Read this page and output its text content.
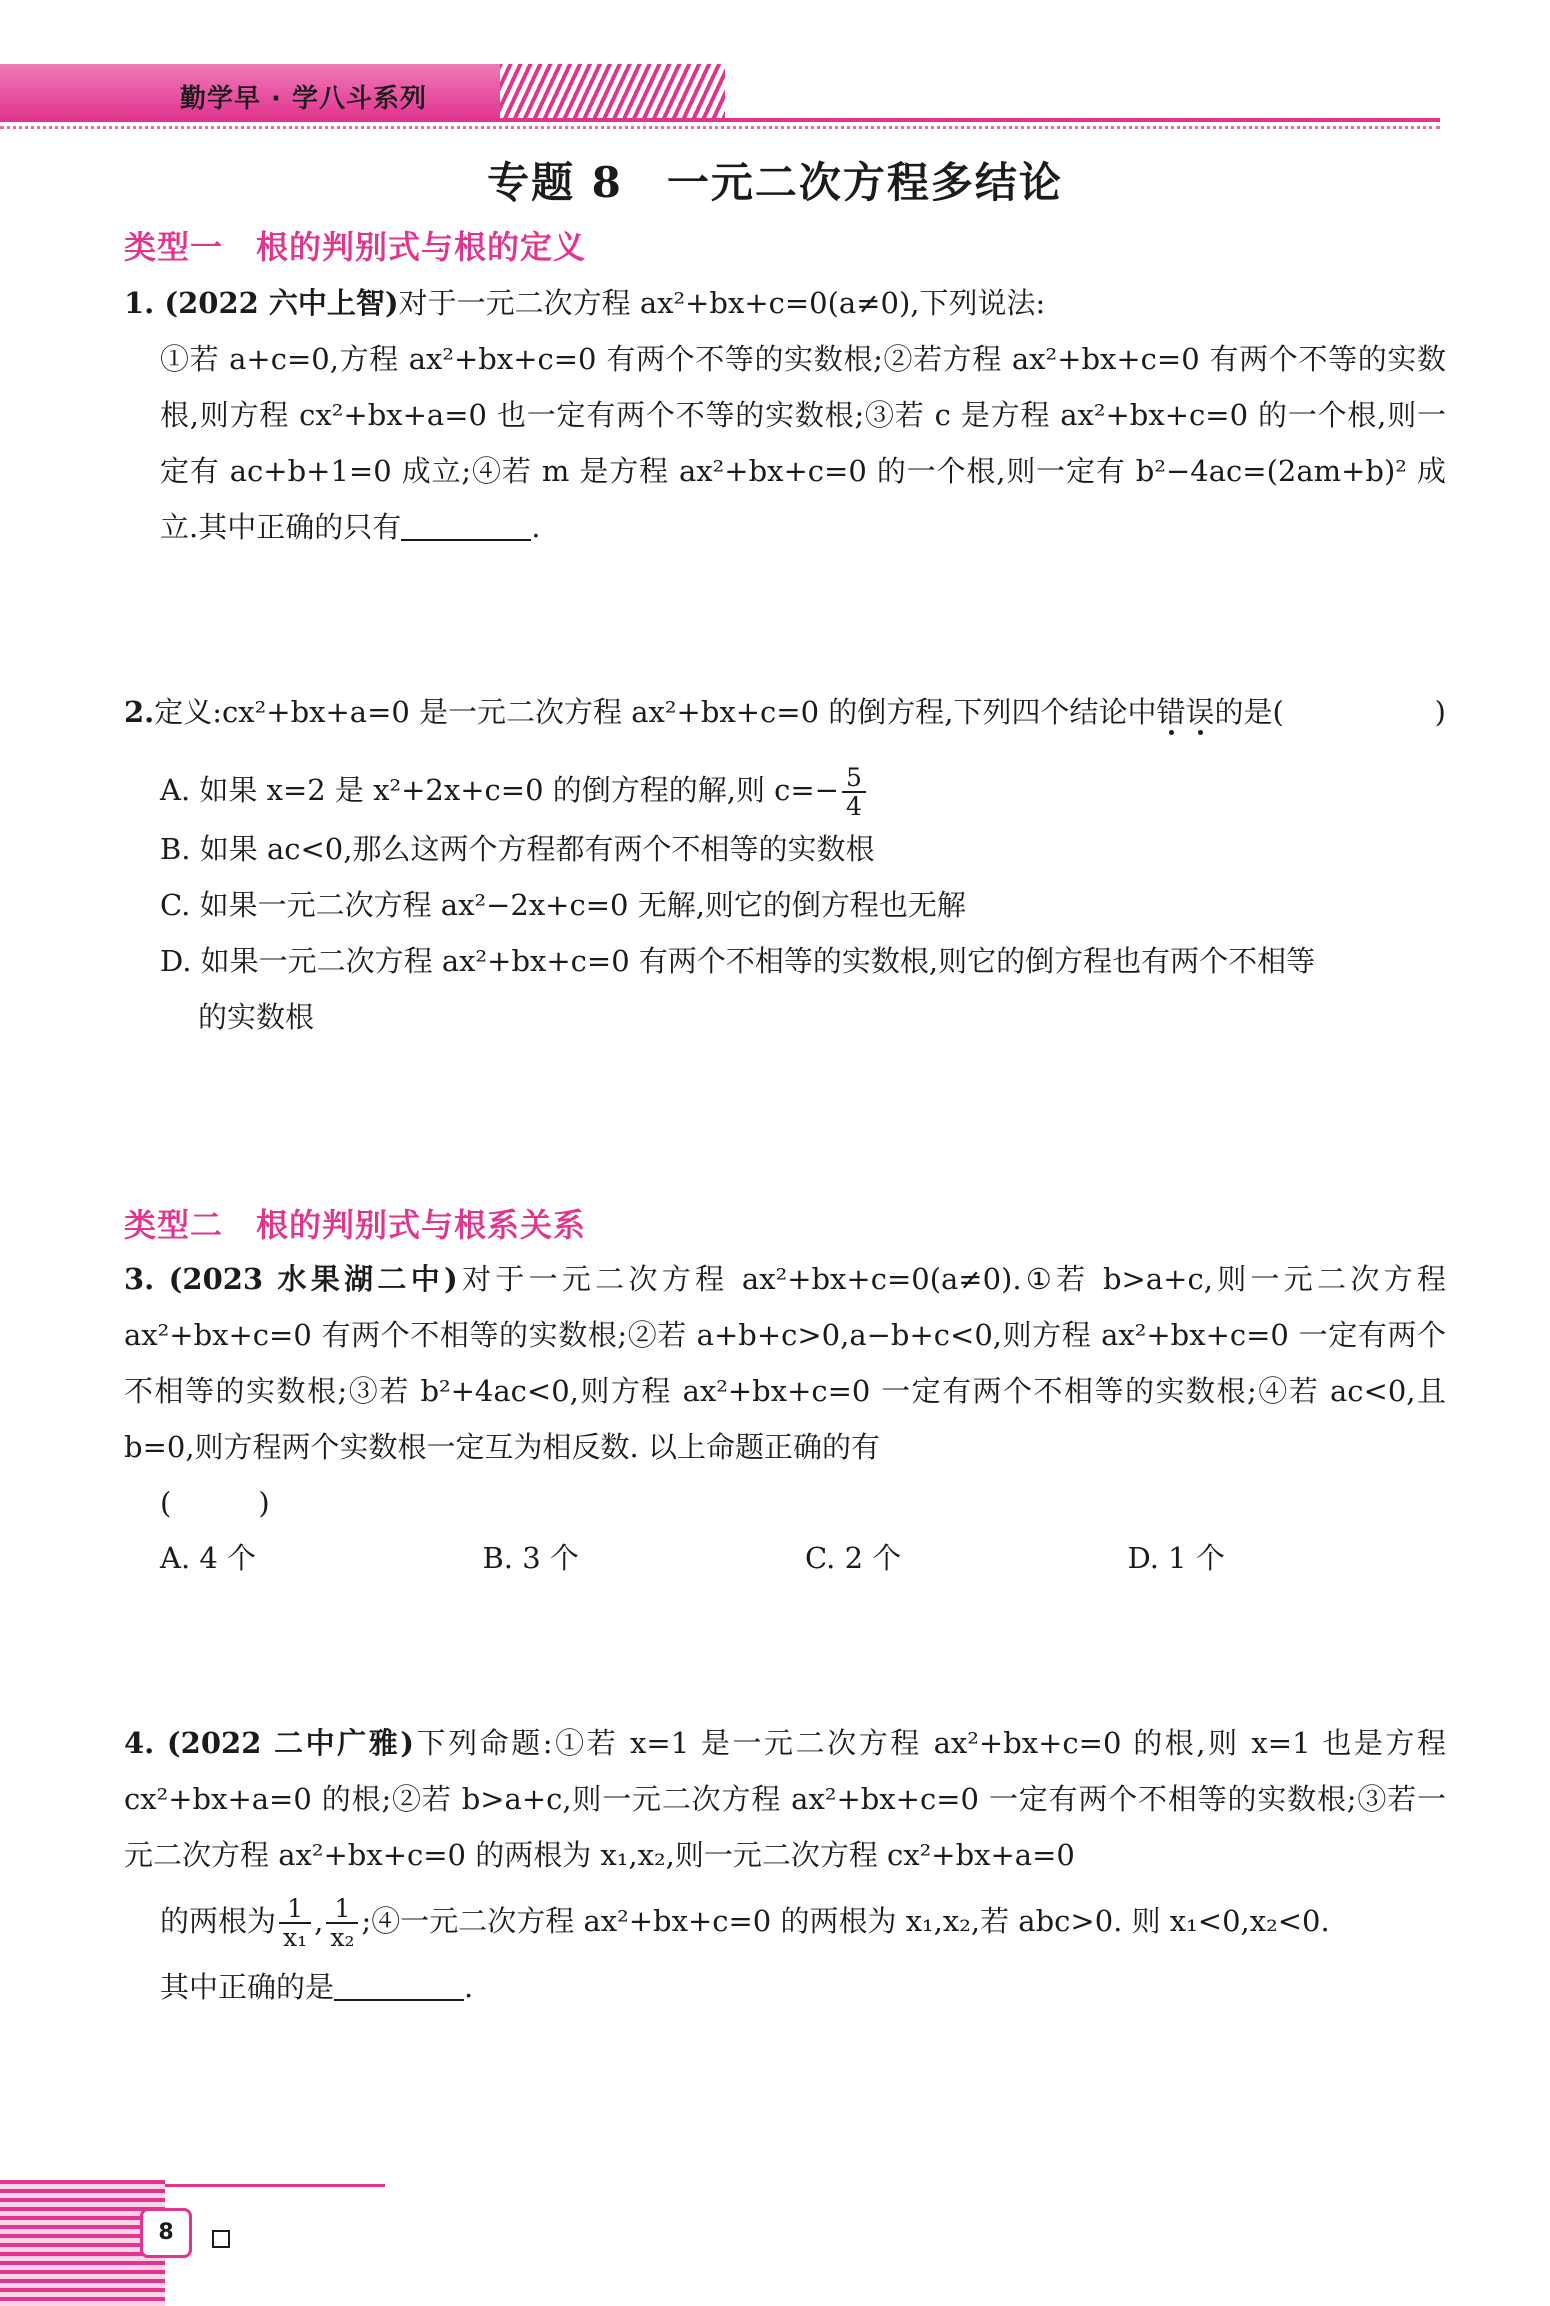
勤学早 · 学八斗系列
专题 8　一元二次方程多结论
类型一　根的判别式与根的定义

1. (2022 六中上智)对于一元二次方程 ax²+bx+c=0(a≠0),下列说法:

①若 a+c=0,方程 ax²+bx+c=0 有两个不等的实数根;②若方程 ax²+bx+c=0 有两个不等的实数根,则方程 cx²+bx+a=0 也一定有两个不等的实数根;③若 c 是方程 ax²+bx+c=0 的一个根,则一定有 ac+b+1=0 成立;④若 m 是方程 ax²+bx+c=0 的一个根,则一定有 b²−4ac=(2am+b)² 成立.其中正确的只有	.

2.定义:cx²+bx+a=0 是一元二次方程 ax²+bx+c=0 的倒方程,下列四个结论中错误的是(	)

A. 如果 x=2 是 x²+2x+c=0 的倒方程的解,则 $c=- \frac{5}{4}$

B. 如果 ac<0,那么这两个方程都有两个不相等的实数根

C. 如果一元二次方程 ax²−2x+c=0 无解,则它的倒方程也无解

D. 如果一元二次方程 ax²+bx+c=0 有两个不相等的实数根,则它的倒方程也有两个不相等

的实数根

类型二　根的判别式与根系关系

3. (2023 水果湖二中)对于一元二次方程 ax²+bx+c=0(a≠0).①若 b>a+c,则一元二次方程 ax²+bx+c=0 有两个不相等的实数根;②若 a+b+c>0,a−b+c<0,则方程 ax²+bx+c=0 一定有两个不相等的实数根;③若 b²+4ac<0,则方程 ax²+bx+c=0 一定有两个不相等的实数根;④若 ac<0,且 b=0,则方程两个实数根一定互为相反数. 以上命题正确的有

(　　　)

A. 4 个	B. 3 个	C. 2 个	D. 1 个

4. (2022 二中广雅)下列命题:①若 x=1 是一元二次方程 ax²+bx+c=0 的根,则 x=1 也是方程 cx²+bx+a=0 的根;②若 b>a+c,则一元二次方程 ax²+bx+c=0 一定有两个不相等的实数根;③若一元二次方程 ax²+bx+c=0 的两根为 x₁,x₂,则一元二次方程 cx²+bx+a=0

的两根为 $\frac{1}{\text{x₁}}$ , $\frac{1}{\text{x₂}}$ ;④一元二次方程 ax²+bx+c=0 的两根为 x₁,x₂,若 abc>0. 则 x₁<0,x₂<0.

其中正确的是	.

8
